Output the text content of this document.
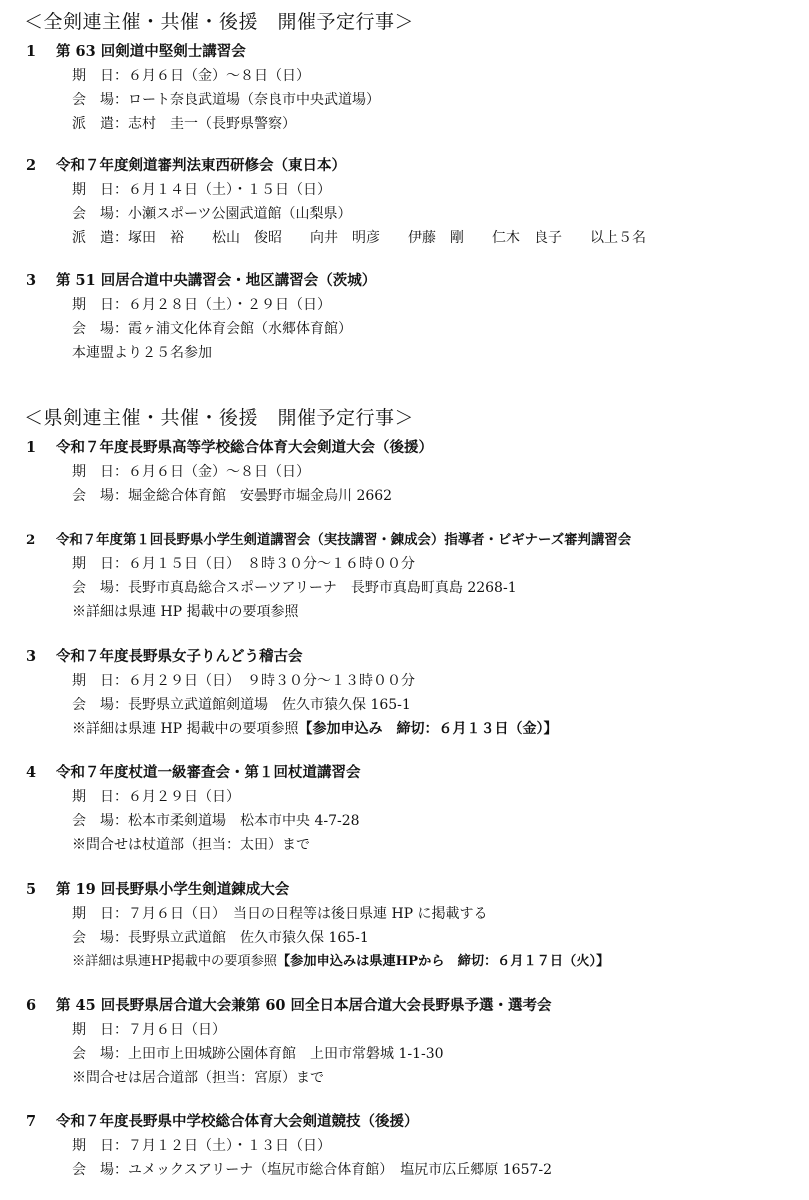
＜全剣連主催・共催・後援　開催予定行事＞
1 第 63 回剣道中堅剣士講習会
期　日：６月６日（金）～８日（日）
会　場：ロート奈良武道場（奈良市中央武道場）
派　遣：志村　圭一（長野県警察）
2 令和７年度剣道審判法東西研修会（東日本）
期　日：６月１４日（土）・１５日（日）
会　場：小瀬スポーツ公園武道館（山梨県）
派　遣：塚田　裕　　松山　俊昭　　向井　明彦　　伊藤　剛　　仁木　良子　　以上５名
3 第 51 回居合道中央講習会・地区講習会（茨城）
期　日：６月２８日（土）・２９日（日）
会　場：霞ヶ浦文化体育会館（水郷体育館）
本連盟より２５名参加
＜県剣連主催・共催・後援　開催予定行事＞
1 令和７年度長野県高等学校総合体育大会剣道大会（後援）
期　日：６月６日（金）～８日（日）
会　場：堀金総合体育館　安曇野市堀金烏川 2662
2 令和７年度第１回長野県小学生剣道講習会（実技講習・錬成会）指導者・ビギナーズ審判講習会
期　日：６月１５日（日）　８時３０分～１６時００分
会　場：長野市真島総合スポーツアリーナ　長野市真島町真島 2268-1
※詳細は県連 HP 掲載中の要項参照
3 令和７年度長野県女子りんどう稽古会
期　日：６月２９日（日）　９時３０分～１３時００分
会　場：長野県立武道館剣道場　佐久市猿久保 165-1
※詳細は県連 HP 掲載中の要項参照【参加申込み　締切：６月１３日（金）】
4 令和７年度杖道一級審査会・第１回杖道講習会
期　日：６月２９日（日）
会　場：松本市柔剣道場　松本市中央 4-7-28
※問合せは杖道部（担当：太田）まで
5 第 19 回長野県小学生剣道錬成大会
期　日：７月６日（日）　当日の日程等は後日県連 HP に掲載する
会　場：長野県立武道館　佐久市猿久保 165-1
※詳細は県連HP掲載中の要項参照【参加申込みは県連HPから　締切：６月１７日（火）】
6 第 45 回長野県居合道大会兼第 60 回全日本居合道大会長野県予選・選考会
期　日：７月６日（日）
会　場：上田市上田城跡公園体育館　上田市常磐城 1-1-30
※問合せは居合道部（担当：宮原）まで
7 令和７年度長野県中学校総合体育大会剣道競技（後援）
期　日：７月１２日（土）・１３日（日）
会　場：ユメックスアリーナ（塩尻市総合体育館）　塩尻市広丘郷原 1657-2
